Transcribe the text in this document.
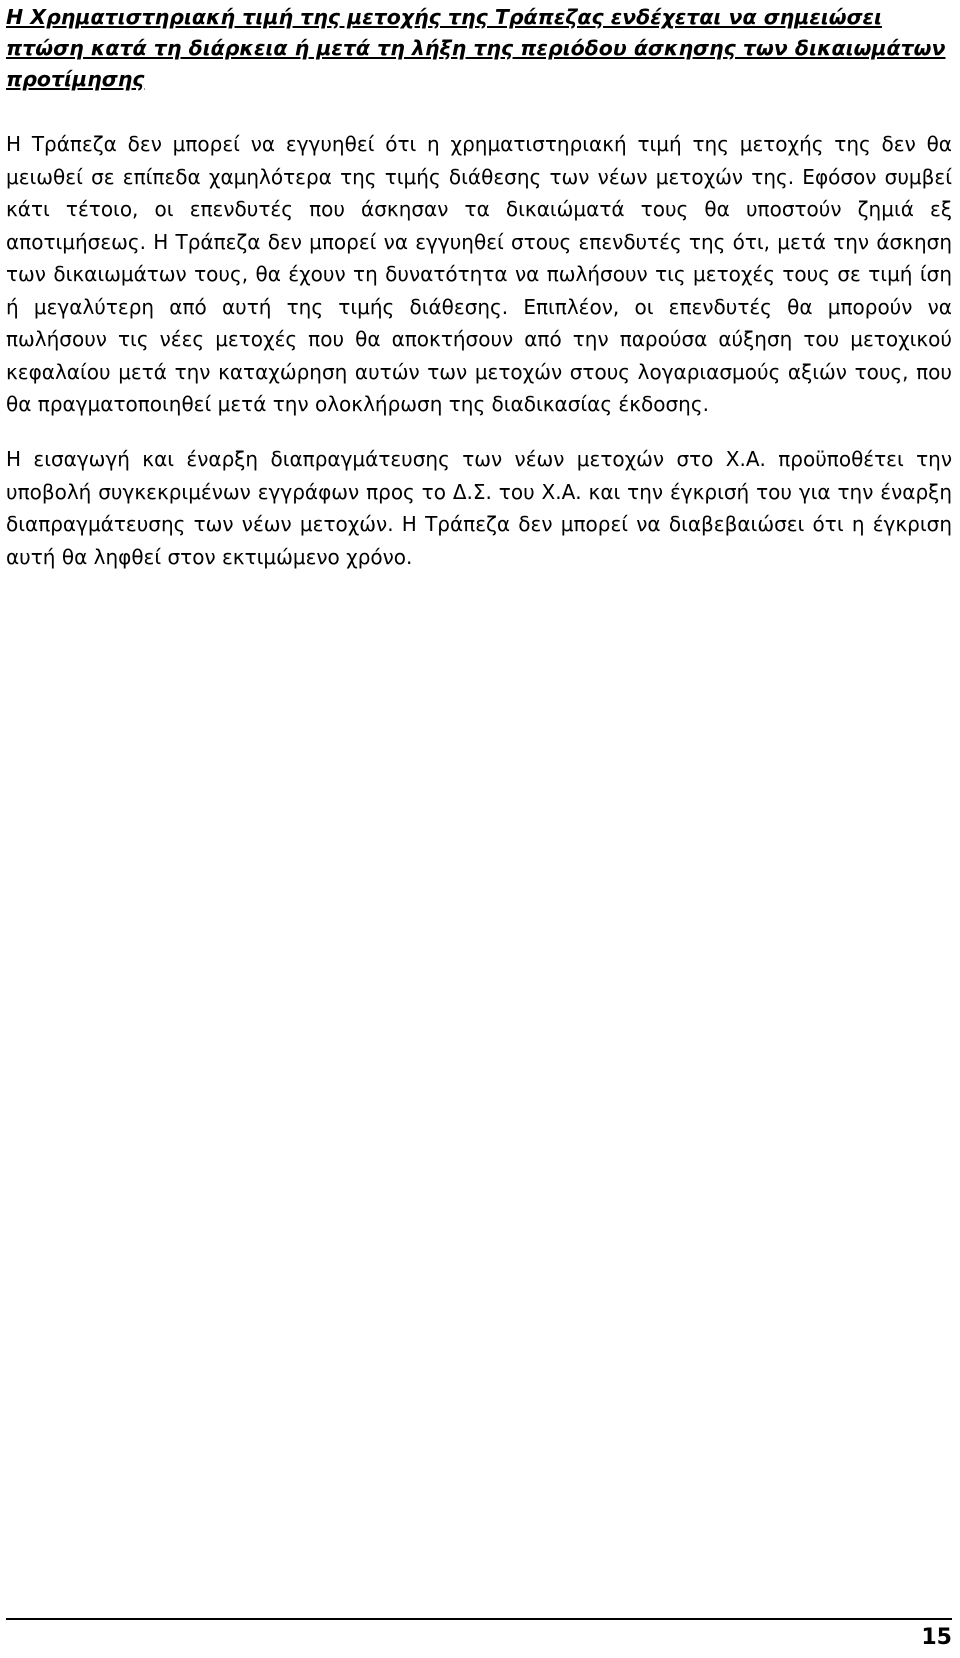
Η Χρηματιστηριακή τιμή της μετοχής της Τράπεζας ενδέχεται να σημειώσει πτώση κατά τη διάρκεια ή μετά τη λήξη της περιόδου άσκησης των δικαιωμάτων προτίμησης

Η Τράπεζα δεν μπορεί να εγγυηθεί ότι η χρηματιστηριακή τιμή της μετοχής της δεν θα μειωθεί σε επίπεδα χαμηλότερα της τιμής διάθεσης των νέων μετοχών της. Εφόσον συμβεί κάτι τέτοιο, οι επενδυτές που άσκησαν τα δικαιώματά τους θα υποστούν ζημιά εξ αποτιμήσεως. Η Τράπεζα δεν μπορεί να εγγυηθεί στους επενδυτές της ότι, μετά την άσκηση των δικαιωμάτων τους, θα έχουν τη δυνατότητα να πωλήσουν τις μετοχές τους σε τιμή ίση ή μεγαλύτερη από αυτή της τιμής διάθεσης. Επιπλέον, οι επενδυτές θα μπορούν να πωλήσουν τις νέες μετοχές που θα αποκτήσουν από την παρούσα αύξηση του μετοχικού κεφαλαίου μετά την καταχώρηση αυτών των μετοχών στους λογαριασμούς αξιών τους, που θα πραγματοποιηθεί μετά την ολοκλήρωση της διαδικασίας έκδοσης.

Η εισαγωγή και έναρξη διαπραγμάτευσης των νέων μετοχών στο Χ.Α. προϋποθέτει την υποβολή συγκεκριμένων εγγράφων προς το Δ.Σ. του Χ.Α. και την έγκρισή του για την έναρξη διαπραγμάτευσης των νέων μετοχών. Η Τράπεζα δεν μπορεί να διαβεβαιώσει ότι η έγκριση αυτή θα ληφθεί στον εκτιμώμενο χρόνο.

15
